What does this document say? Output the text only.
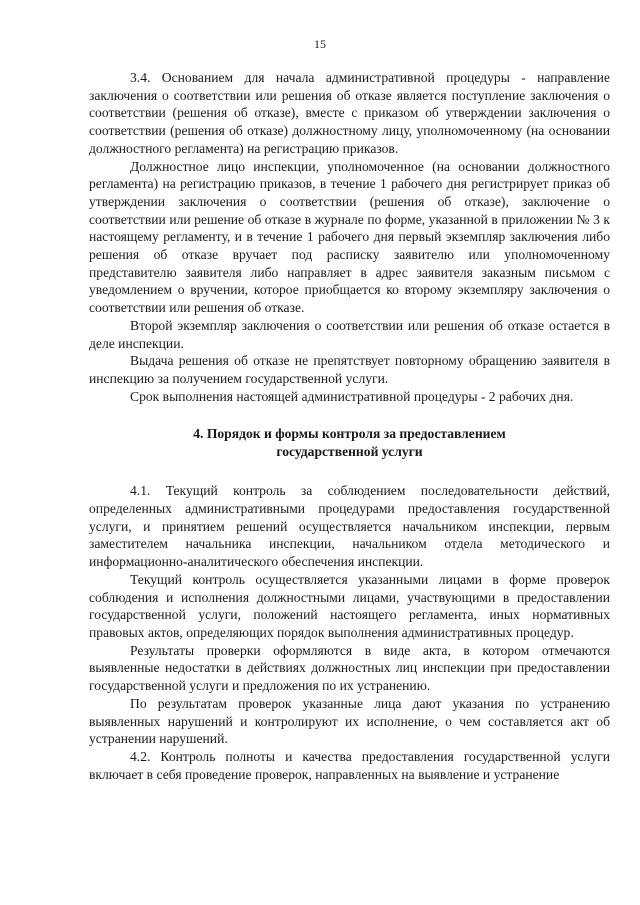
15

3.4. Основанием для начала административной процедуры - направление заключения о соответствии или решения об отказе является поступление заключения о соответствии (решения об отказе), вместе с приказом об утверждении заключения о соответствии (решения об отказе) должностному лицу, уполномоченному (на основании должностного регламента) на регистрацию приказов.

Должностное лицо инспекции, уполномоченное (на основании должностного регламента) на регистрацию приказов, в течение 1 рабочего дня регистрирует приказ об утверждении заключения о соответствии (решения об отказе), заключение о соответствии или решение об отказе в журнале по форме, указанной в приложении № 3 к настоящему регламенту, и в течение 1 рабочего дня первый экземпляр заключения либо решения об отказе вручает под расписку заявителю или уполномоченному представителю заявителя либо направляет в адрес заявителя заказным письмом с уведомлением о вручении, которое приобщается ко второму экземпляру заключения о соответствии или решения об отказе.

Второй экземпляр заключения о соответствии или решения об отказе остается в деле инспекции.

Выдача решения об отказе не препятствует повторному обращению заявителя в инспекцию за получением государственной услуги.

Срок выполнения настоящей административной процедуры - 2 рабочих дня.

4. Порядок и формы контроля за предоставлением
государственной услуги

4.1. Текущий контроль за соблюдением последовательности действий, определенных административными процедурами предоставления государственной услуги, и принятием решений осуществляется начальником инспекции, первым заместителем начальника инспекции, начальником отдела методического и информационно-аналитического обеспечения инспекции.

Текущий контроль осуществляется указанными лицами в форме проверок соблюдения и исполнения должностными лицами, участвующими в предоставлении государственной услуги, положений настоящего регламента, иных нормативных правовых актов, определяющих порядок выполнения административных процедур.

Результаты проверки оформляются в виде акта, в котором отмечаются выявленные недостатки в действиях должностных лиц инспекции при предоставлении государственной услуги и предложения по их устранению.

По результатам проверок указанные лица дают указания по устранению выявленных нарушений и контролируют их исполнение, о чем составляется акт об устранении нарушений.

4.2. Контроль полноты и качества предоставления государственной услуги включает в себя проведение проверок, направленных на выявление и устранение
